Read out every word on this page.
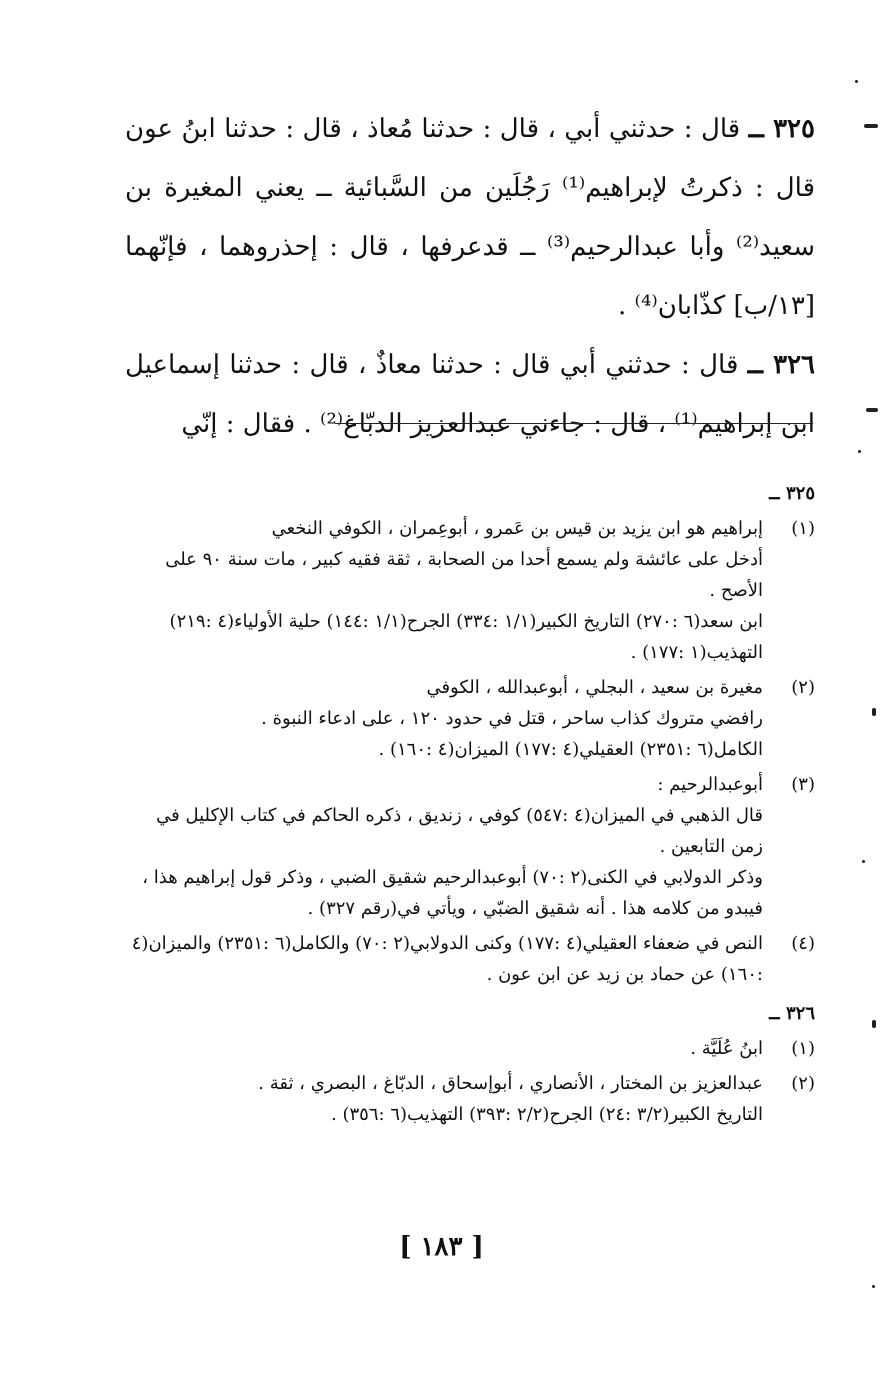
٣٢٥ ــ قال : حدثني أبي ، قال : حدثنا مُعاذ ، قال : حدثنا ابنُ عون قال : ذكرتُ لإبراهيم⁽¹⁾ رَجُلَين من السَّبائية ــ يعني المغيرة بن سعيد⁽²⁾ وأبا عبدالرحيم⁽³⁾ ــ قدعرفها ، قال : إحذروهما ، فإنّهما [١٣/ب] كذّابان⁽⁴⁾ .

٣٢٦ ــ قال : حدثني أبي قال : حدثنا معاذٌ ، قال : حدثنا إسماعيل ابن إبراهيم⁽¹⁾ ، قال : جاءني عبدالعزيز الدبّاغ⁽²⁾ . فقال : إنّي

٣٢٥ ــ
(١)

إبراهيم هو ابن يزيد بن قيس بن عَمرو ، أبوعِمران ، الكوفي النخعي

أدخل على عائشة ولم يسمع أحدا من الصحابة ، ثقة فقيه كبير ، مات سنة ٩٠ على الأصح .

ابن سعد(٦ :٢٧٠) التاريخ الكبير(١/١ :٣٣٤) الجرح(١/١ :١٤٤) حلية الأولياء(٤ :٢١٩) التهذيب(١ :١٧٧) .

(٢)

مغيرة بن سعيد ، البجلي ، أبوعبدالله ، الكوفي

رافضي متروك كذاب ساحر ، قتل في حدود ١٢٠ ، على ادعاء النبوة .

الكامل(٦ :٢٣٥١) العقيلي(٤ :١٧٧) الميزان(٤ :١٦٠) .

(٣)

أبوعبدالرحيم :

قال الذهبي في الميزان(٤ :٥٤٧) كوفي ، زنديق ، ذكره الحاكم في كتاب الإكليل في زمن التابعين .

وذكر الدولابي في الكنى(٢ :٧٠) أبوعبدالرحيم شقيق الضبي ، وذكر قول إبراهيم هذا ، فيبدو من كلامه هذا . أنه شقيق الضبّي ، ويأتي في(رقم ٣٢٧) .

(٤)

النص في ضعفاء العقيلي(٤ :١٧٧) وكنى الدولابي(٢ :٧٠) والكامل(٦ :٢٣٥١) والميزان(٤ :١٦٠) عن حماد بن زيد عن ابن عون .

٣٢٦ ــ
(١)

ابنُ عُلَيَّة .

(٢)

عبدالعزيز بن المختار ، الأنصاري ، أبوإسحاق ، الدبّاغ ، البصري ، ثقة .

التاريخ الكبير(٣/٢ :٢٤) الجرح(٢/٢ :٣٩٣) التهذيب(٦ :٣٥٦) .

[ ١٨٣ ]
